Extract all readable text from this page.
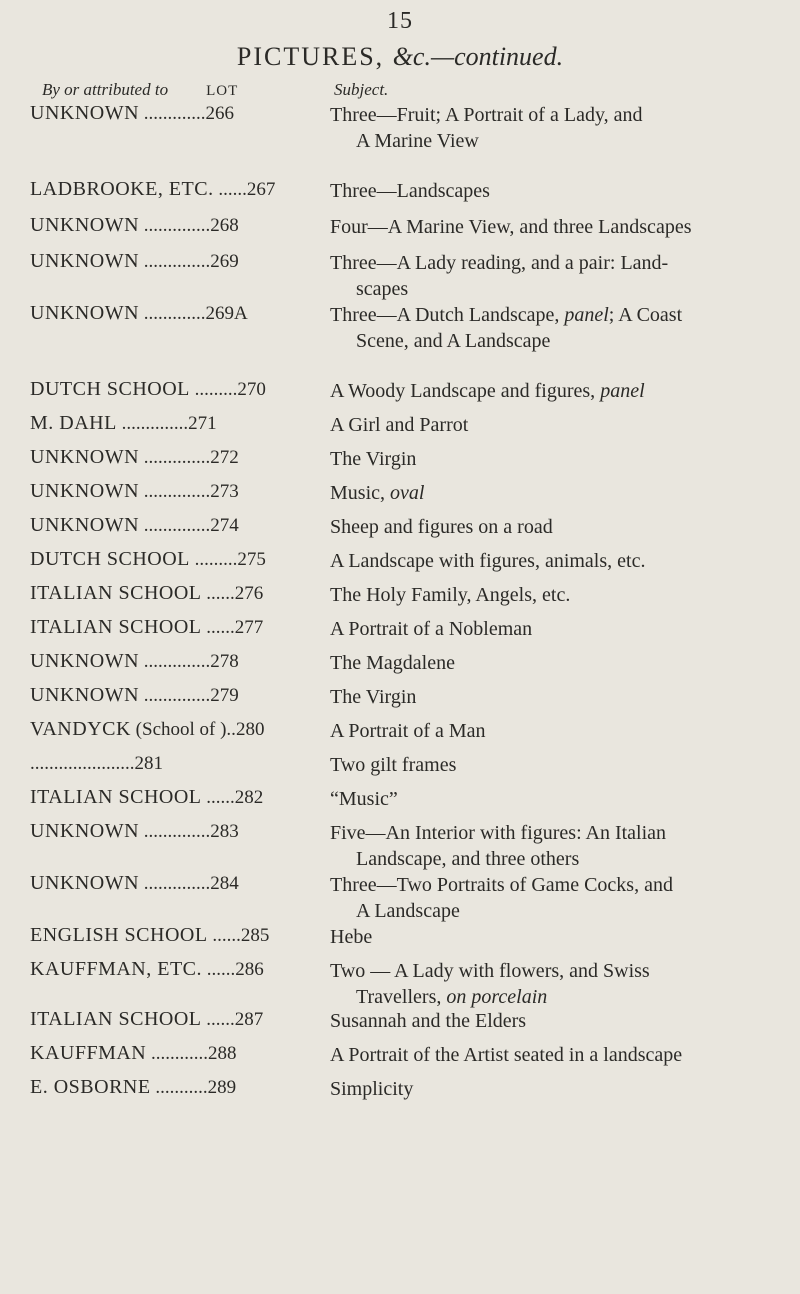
15
PICTURES, &c.—continued.
By or attributed to	LOT	Subject.
UNKNOWN .............266	Three—Fruit; A Portrait of a Lady, and
A Marine View
LADBROOKE, ETC. ......267	Three—Landscapes
UNKNOWN ..............268	Four—A Marine View, and three Landscapes
UNKNOWN ..............269	Three—A Lady reading, and a pair: Land-
scapes
UNKNOWN .............269A	Three—A Dutch Landscape, panel; A Coast
Scene, and A Landscape
DUTCH SCHOOL .........270	A Woody Landscape and figures, panel
M. DAHL ..............271	A Girl and Parrot
UNKNOWN ..............272	The Virgin
UNKNOWN ..............273	Music, oval
UNKNOWN ..............274	Sheep and figures on a road
DUTCH SCHOOL .........275	A Landscape with figures, animals, etc.
ITALIAN SCHOOL ......276	The Holy Family, Angels, etc.
ITALIAN SCHOOL ......277	A Portrait of a Nobleman
UNKNOWN ..............278	The Magdalene
UNKNOWN ..............279	The Virgin
VANDYCK (School of )..280	A Portrait of a Man
......................281	Two gilt frames
ITALIAN SCHOOL ......282	“Music”
UNKNOWN ..............283	Five—An Interior with figures: An Italian
Landscape, and three others
UNKNOWN ..............284	Three—Two Portraits of Game Cocks, and
A Landscape
ENGLISH SCHOOL ......285	Hebe
KAUFFMAN, ETC. ......286	Two — A Lady with flowers, and Swiss
Travellers, on porcelain
ITALIAN SCHOOL ......287	Susannah and the Elders
KAUFFMAN ............288	A Portrait of the Artist seated in a landscape
E. OSBORNE ...........289	Simplicity
